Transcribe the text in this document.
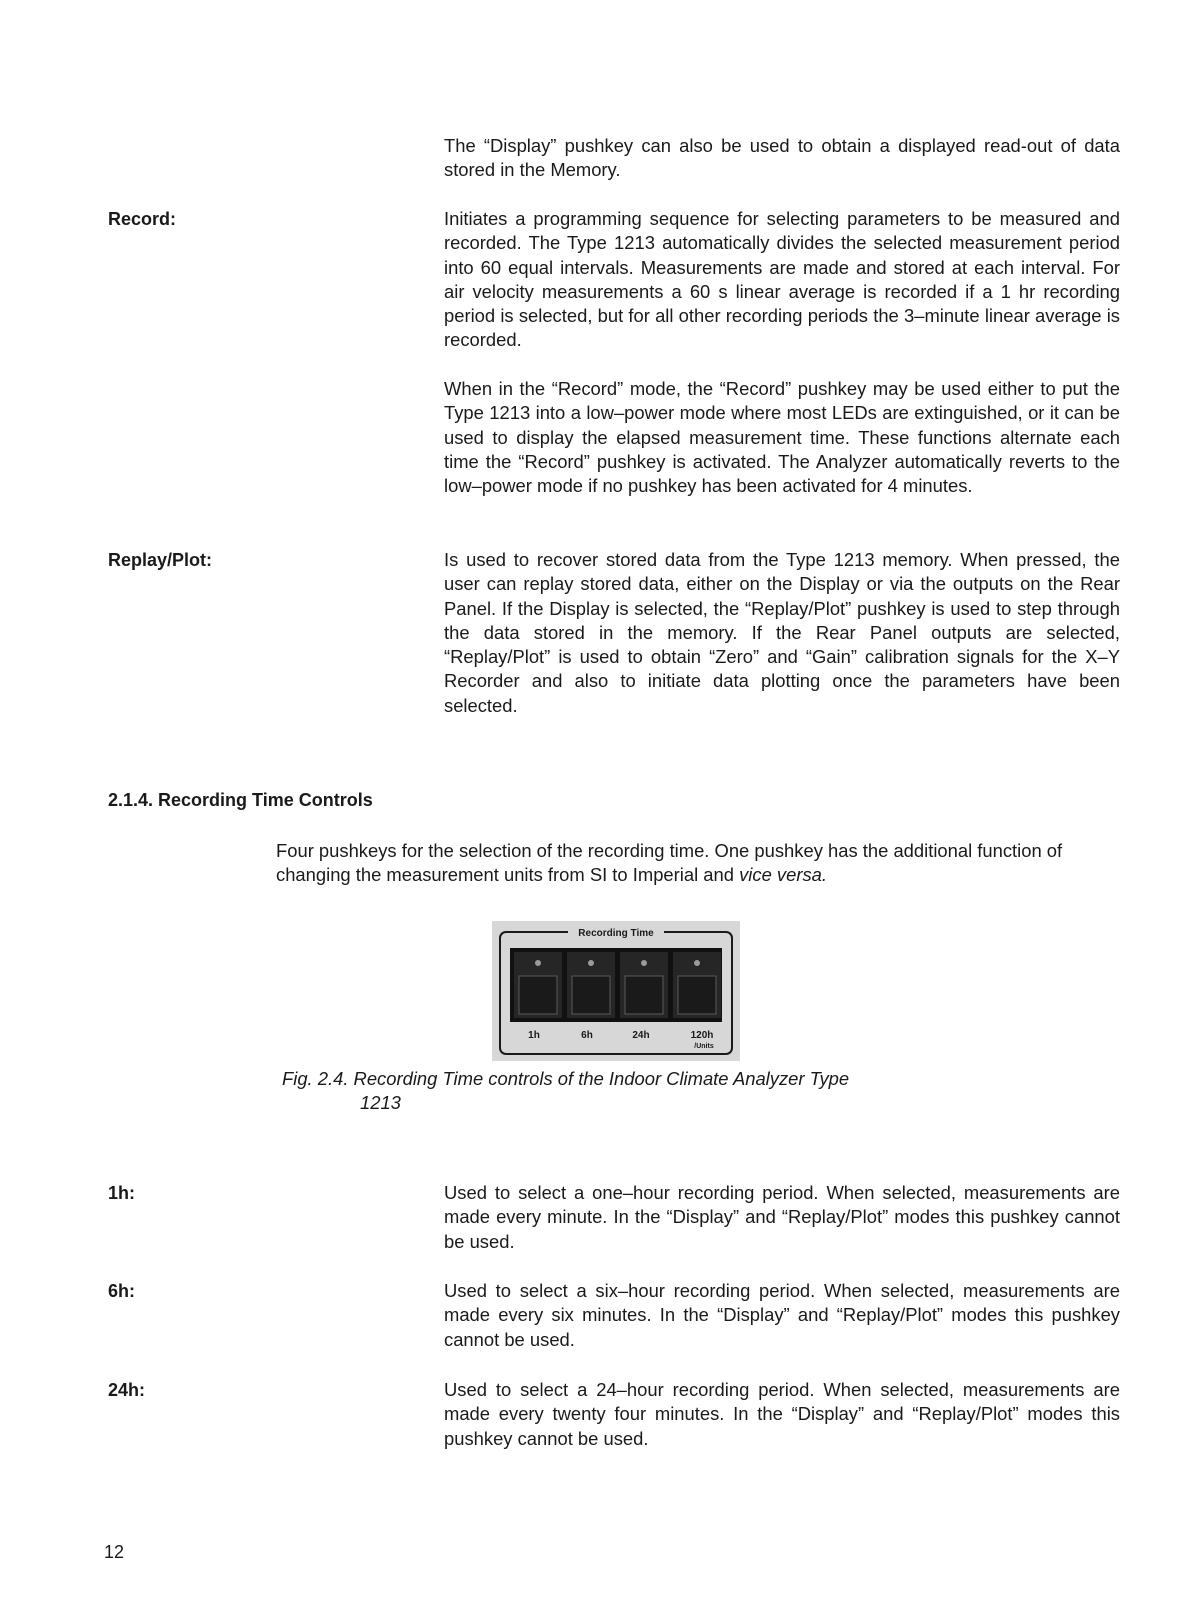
The “Display” pushkey can also be used to obtain a displayed read-out of data stored in the Memory.

Record:	Initiates a programming sequence for selecting parameters to be measured and recorded. The Type 1213 automatically divides the selected measurement period into 60 equal intervals. Measurements are made and stored at each interval. For air velocity measurements a 60 s linear average is recorded if a 1 hr recording period is selected, but for all other recording periods the 3–minute linear average is recorded.

When in the “Record” mode, the “Record” pushkey may be used either to put the Type 1213 into a low–power mode where most LEDs are extinguished, or it can be used to display the elapsed measurement time. These functions alternate each time the “Record” pushkey is activated. The Analyzer automatically reverts to the low–power mode if no pushkey has been activated for 4 minutes.

Replay/Plot:	Is used to recover stored data from the Type 1213 memory. When pressed, the user can replay stored data, either on the Display or via the outputs on the Rear Panel. If the Display is selected, the “Replay/Plot” pushkey is used to step through the data stored in the memory. If the Rear Panel outputs are selected, “Replay/Plot” is used to obtain “Zero” and “Gain” calibration signals for the X–Y Recorder and also to initiate data plotting once the parameters have been selected.

2.1.4. Recording Time Controls

Four pushkeys for the selection of the recording time. One pushkey has the additional function of changing the measurement units from SI to Imperial and vice versa.

Recording Time
1h	6h	24h	120h
/Units

Fig. 2.4. Recording Time controls of the Indoor Climate Analyzer Type
1213

1h:	Used to select a one–hour recording period. When selected, measurements are made every minute. In the “Display” and “Replay/Plot” modes this pushkey cannot be used.

6h:	Used to select a six–hour recording period. When selected, measurements are made every six minutes. In the “Display” and “Replay/Plot” modes this pushkey cannot be used.

24h:	Used to select a 24–hour recording period. When selected, measurements are made every twenty four minutes. In the “Display” and “Replay/Plot” modes this pushkey cannot be used.

12
